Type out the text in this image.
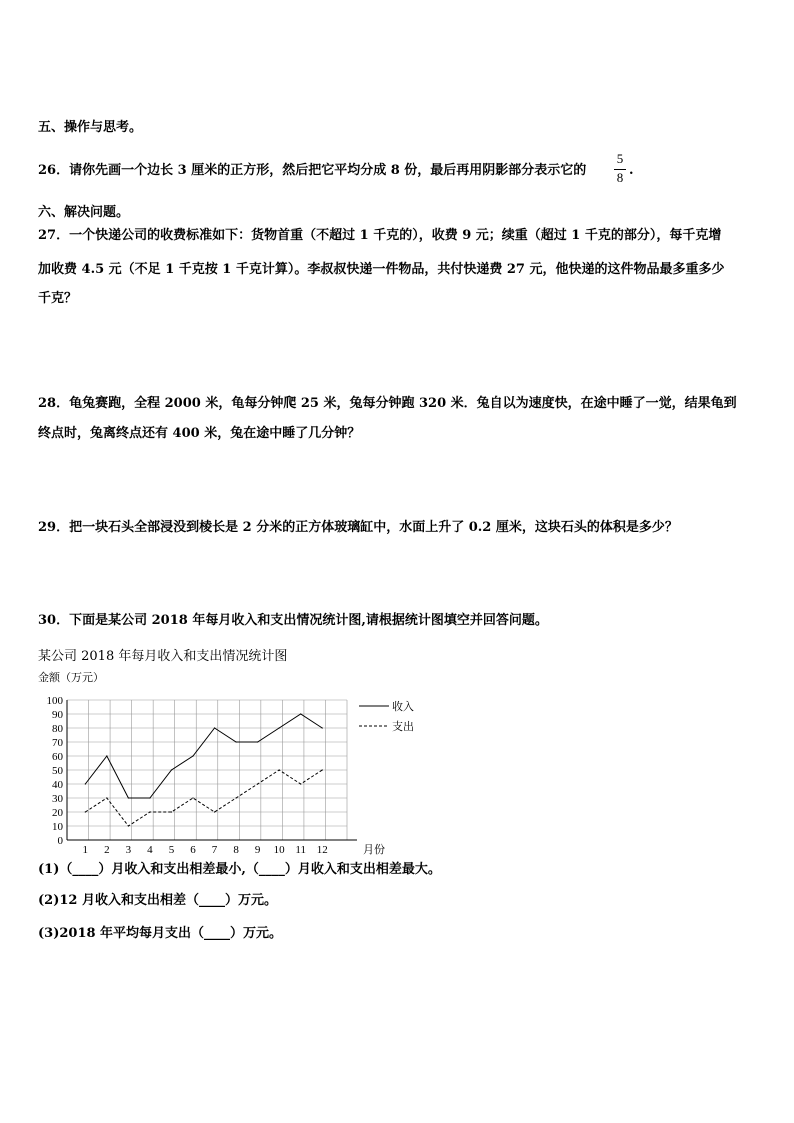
五、操作与思考。
26．请你先画一个边长 3 厘米的正方形，然后把它平均分成 8 份，最后再用阴影部分表示它的
5
8 .
六、解决问题。
27．一个快递公司的收费标准如下：货物首重（不超过 1 千克的），收费 9 元；续重（超过 1 千克的部分），每千克增
加收费 4.5 元（不足 1 千克按 1 千克计算）。李叔叔快递一件物品，共付快递费 27 元，他快递的这件物品最多重多少
千克？
28．龟兔赛跑，全程 2000 米，龟每分钟爬 25 米，兔每分钟跑 320 米．兔自以为速度快，在途中睡了一觉，结果龟到
终点时，兔离终点还有 400 米，兔在途中睡了几分钟？
29．把一块石头全部浸没到棱长是 2 分米的正方体玻璃缸中，水面上升了 0.2 厘米，这块石头的体积是多少？
30．下面是某公司 2018 年每月收入和支出情况统计图,请根据统计图填空并回答问题。
某公司 2018 年每月收入和支出情况统计图
金额（万元）
0
10
20
30
40
50
60
70
80
90
100
1 2 3 4 5 6 7 8 9 10 11 12	月份
收入
支出
(1)（____）月收入和支出相差最小,（____）月收入和支出相差最大。
(2)12 月收入和支出相差（____）万元。
(3)2018 年平均每月支出（____）万元。
